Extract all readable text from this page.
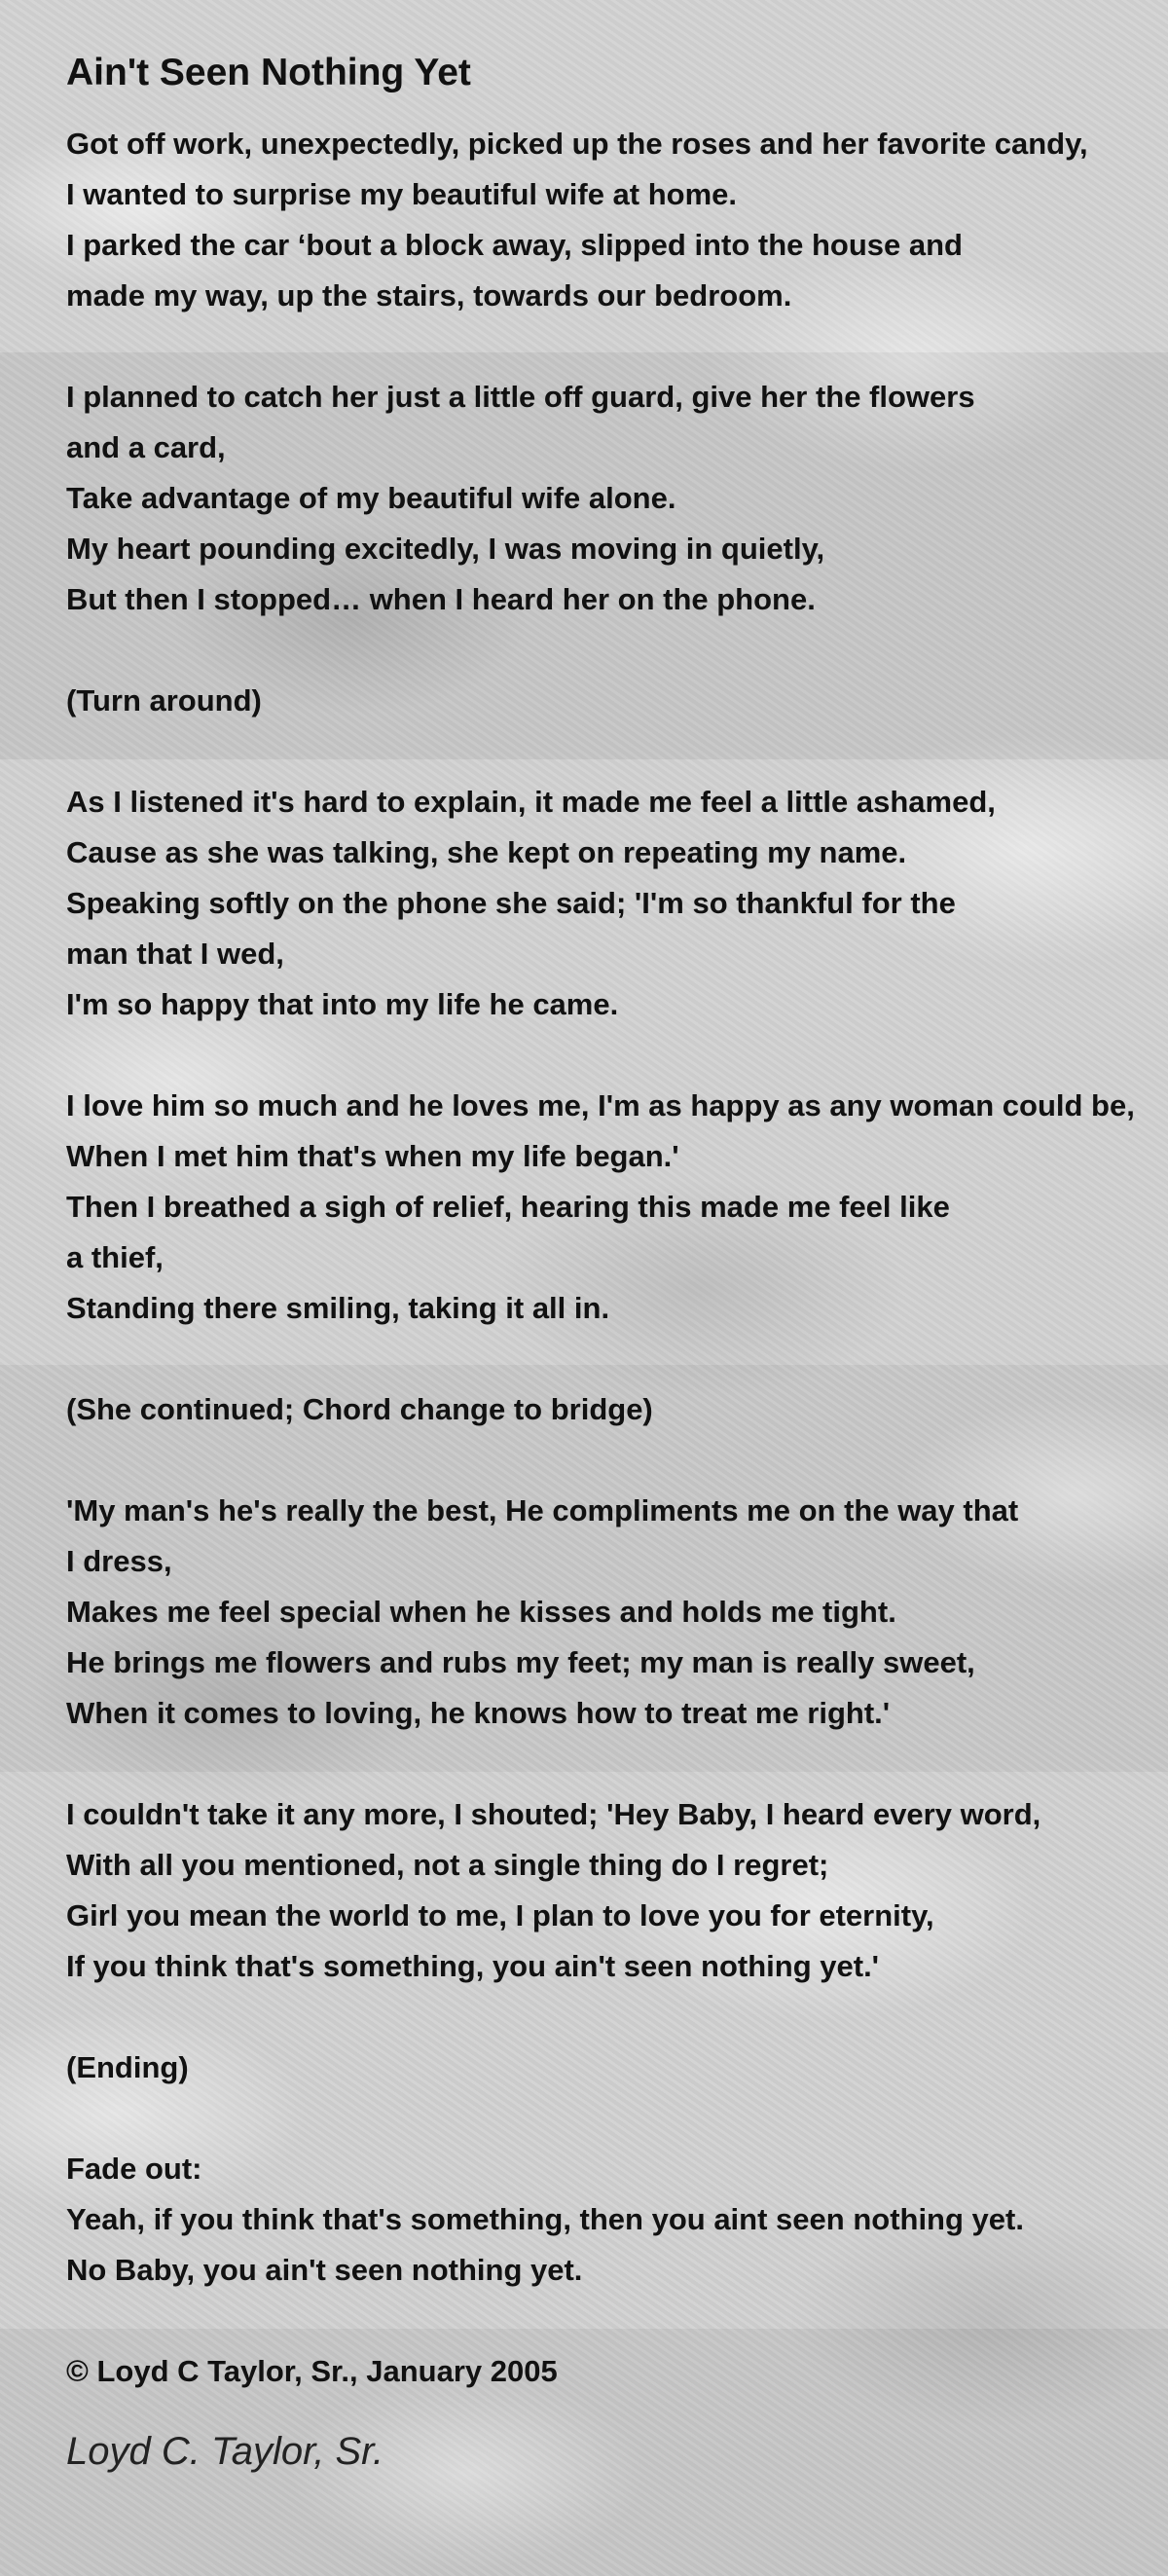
Ain't Seen Nothing Yet

Got off work, unexpectedly, picked up the roses and her favorite candy,
I wanted to surprise my beautiful wife at home.
I parked the car ‘bout a block away, slipped into the house and
made my way, up the stairs, towards our bedroom.

I planned to catch her just a little off guard, give her the flowers
and a card,
Take advantage of my beautiful wife alone.
My heart pounding excitedly, I was moving in quietly,
But then I stopped… when I heard her on the phone.

(Turn around)

As I listened it's hard to explain, it made me feel a little ashamed,
Cause as she was talking, she kept on repeating my name.
Speaking softly on the phone she said; 'I'm so thankful for the
man that I wed,
I'm so happy that into my life he came.

I love him so much and he loves me, I'm as happy as any woman could be,
When I met him that's when my life began.'
Then I breathed a sigh of relief, hearing this made me feel like
a thief,
Standing there smiling, taking it all in.

(She continued; Chord change to bridge)

'My man's he's really the best, He compliments me on the way that
I dress,
Makes me feel special when he kisses and holds me tight.
He brings me flowers and rubs my feet; my man is really sweet,
When it comes to loving, he knows how to treat me right.'

I couldn't take it any more, I shouted; 'Hey Baby, I heard every word,
With all you mentioned, not a single thing do I regret;
Girl you mean the world to me, I plan to love you for eternity,
If you think that's something, you ain't seen nothing yet.'

(Ending)

Fade out:
Yeah, if you think that's something, then you aint seen nothing yet.
No Baby, you ain't seen nothing yet.

© Loyd C Taylor, Sr., January 2005
Loyd C. Taylor, Sr.
